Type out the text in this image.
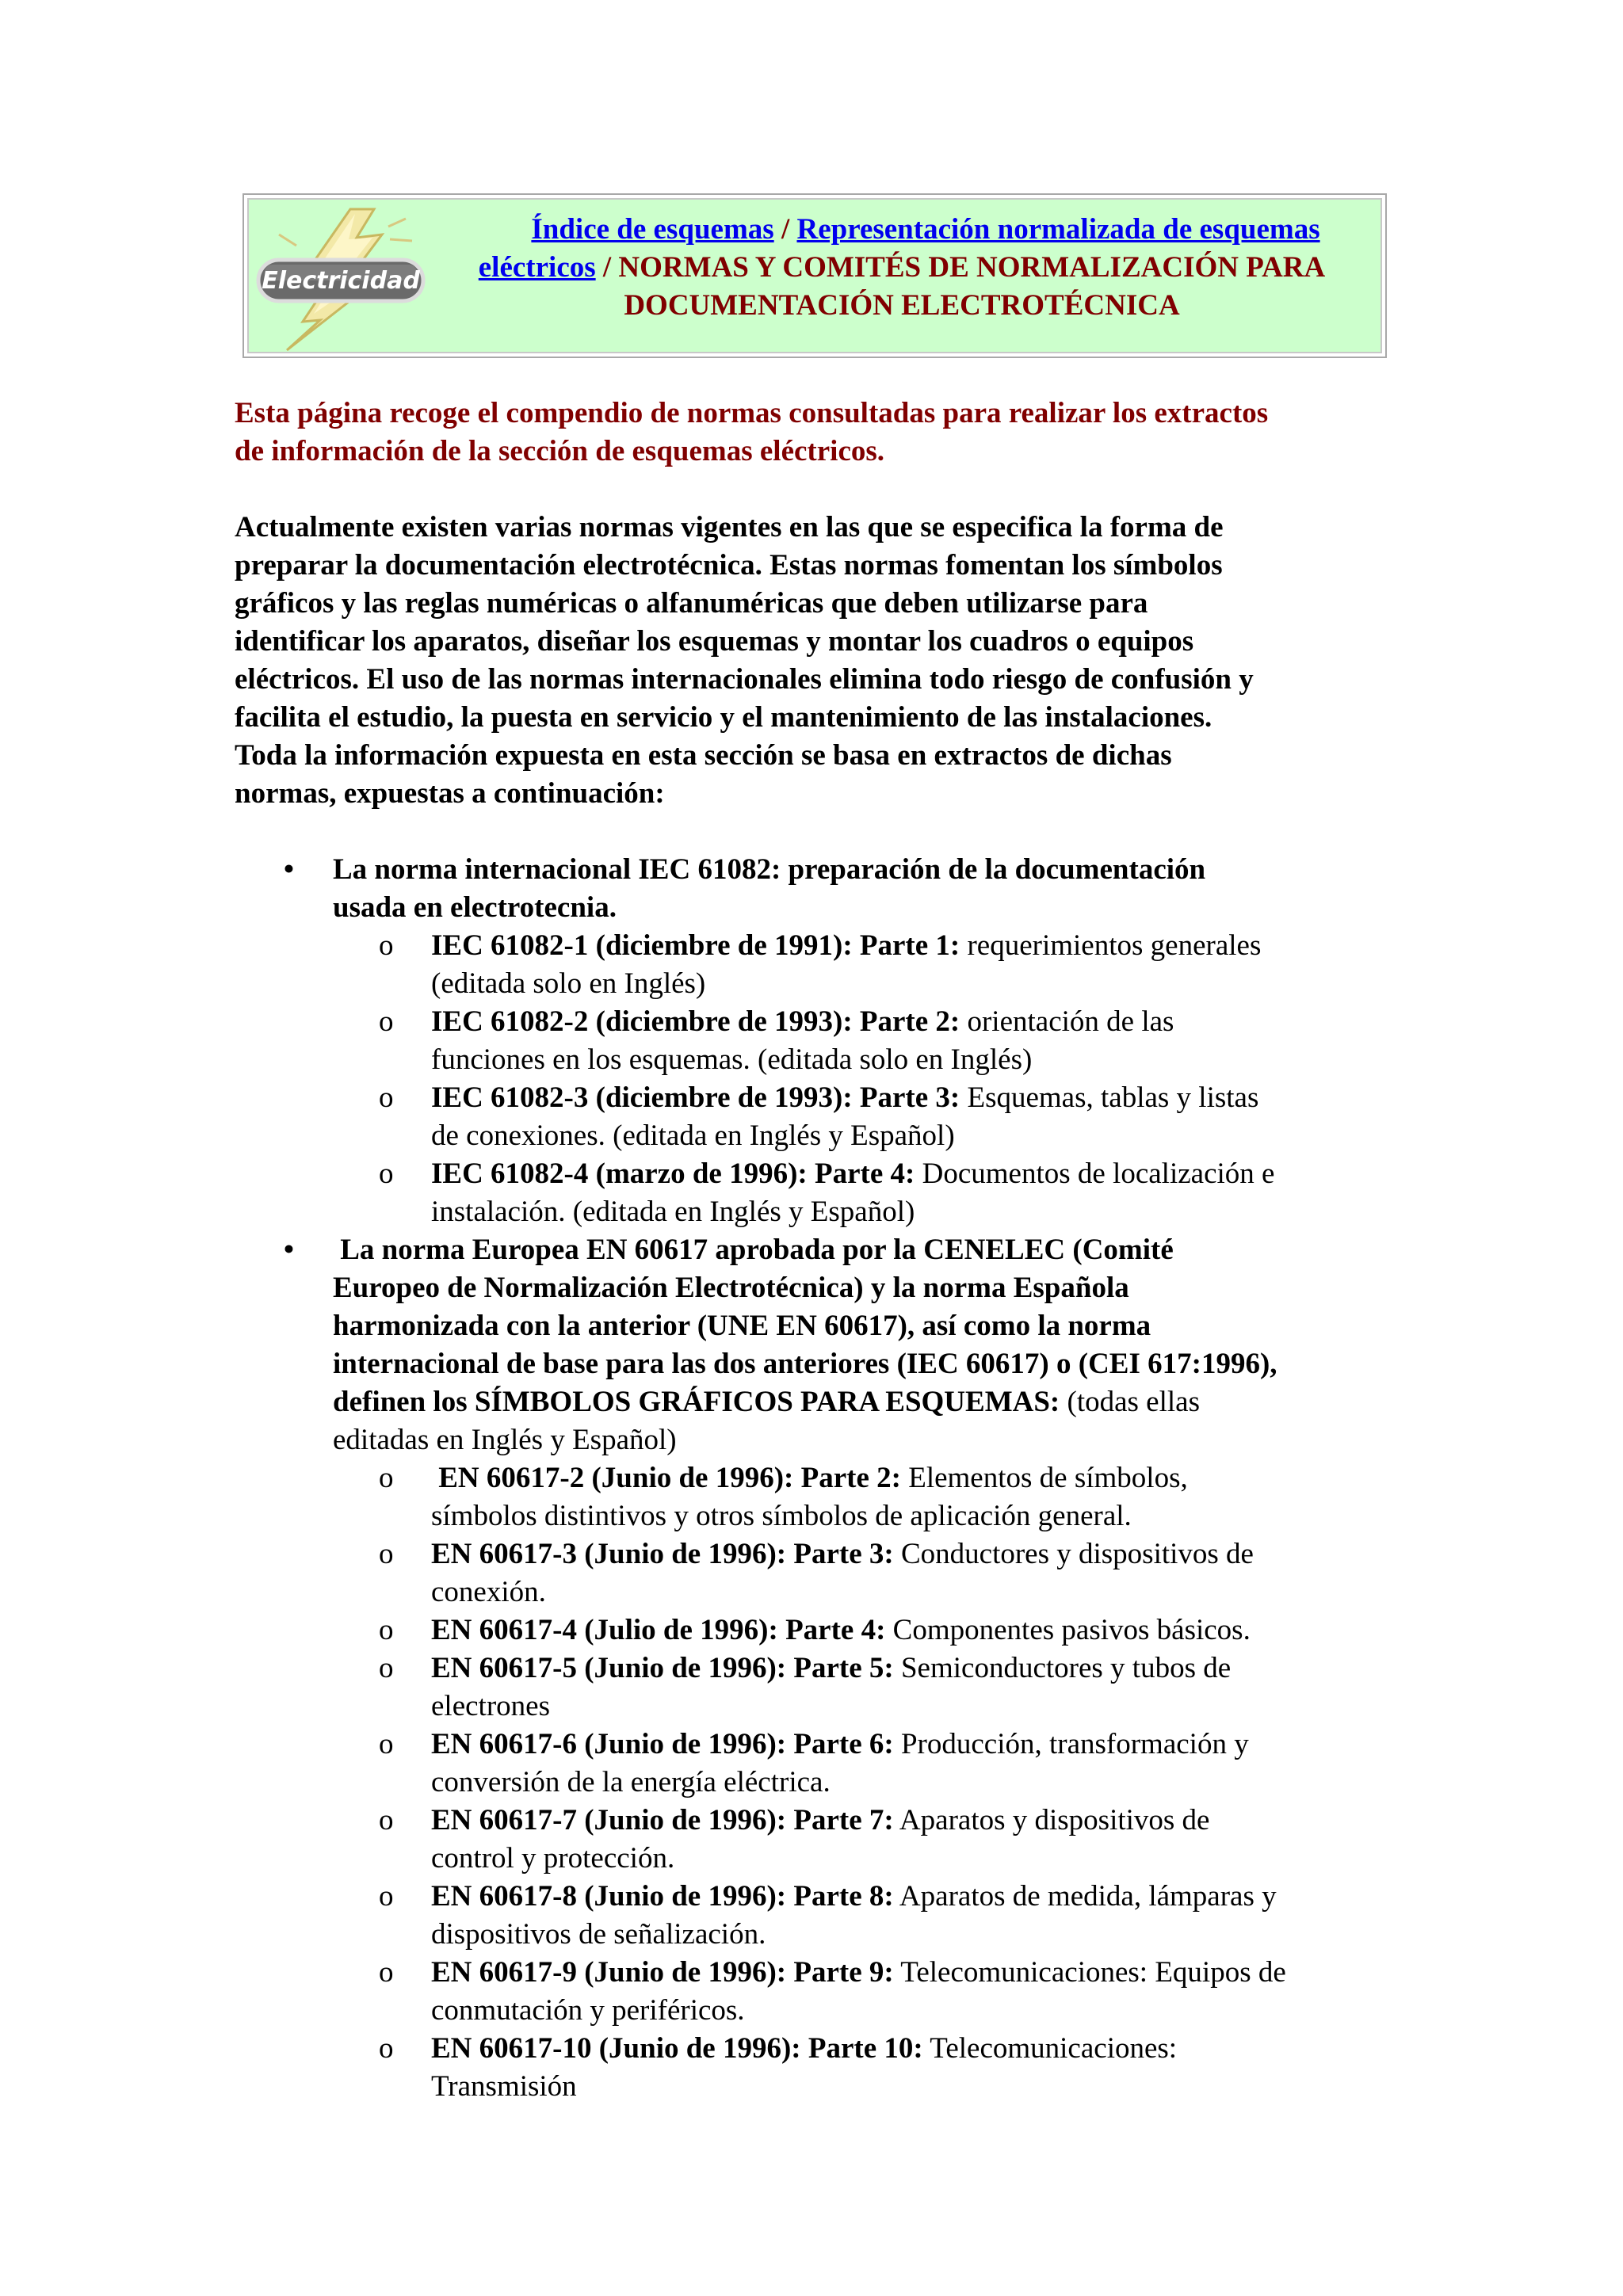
Electricidad
Índice de esquemas / Representación normalizada de esquemas
eléctricos / NORMAS Y COMITÉS DE NORMALIZACIÓN PARA
DOCUMENTACIÓN ELECTROTÉCNICA
Esta página recoge el compendio de normas consultadas para realizar los extractos
de información de la sección de esquemas eléctricos.
Actualmente existen varias normas vigentes en las que se especifica la forma de
preparar la documentación electrotécnica. Estas normas fomentan los símbolos
gráficos y las reglas numéricas o alfanuméricas que deben utilizarse para
identificar los aparatos, diseñar los esquemas y montar los cuadros o equipos
eléctricos. El uso de las normas internacionales elimina todo riesgo de confusión y
facilita el estudio, la puesta en servicio y el mantenimiento de las instalaciones.
Toda la información expuesta en esta sección se basa en extractos de dichas
normas, expuestas a continuación:
• La norma internacional IEC 61082: preparación de la documentación
usada en electrotecnia.
o IEC 61082-1 (diciembre de 1991): Parte 1: requerimientos generales
(editada solo en Inglés)
o IEC 61082-2 (diciembre de 1993): Parte 2: orientación de las
funciones en los esquemas. (editada solo en Inglés)
o IEC 61082-3 (diciembre de 1993): Parte 3: Esquemas, tablas y listas
de conexiones. (editada en Inglés y Español)
o IEC 61082-4 (marzo de 1996): Parte 4: Documentos de localización e
instalación. (editada en Inglés y Español)
• La norma Europea EN 60617 aprobada por la CENELEC (Comité
Europeo de Normalización Electrotécnica) y la norma Española
harmonizada con la anterior (UNE EN 60617), así como la norma
internacional de base para las dos anteriores (IEC 60617) o (CEI 617:1996),
definen los SÍMBOLOS GRÁFICOS PARA ESQUEMAS: (todas ellas
editadas en Inglés y Español)
o EN 60617-2 (Junio de 1996): Parte 2: Elementos de símbolos,
símbolos distintivos y otros símbolos de aplicación general.
o EN 60617-3 (Junio de 1996): Parte 3: Conductores y dispositivos de
conexión.
o EN 60617-4 (Julio de 1996): Parte 4: Componentes pasivos básicos.
o EN 60617-5 (Junio de 1996): Parte 5: Semiconductores y tubos de
electrones
o EN 60617-6 (Junio de 1996): Parte 6: Producción, transformación y
conversión de la energía eléctrica.
o EN 60617-7 (Junio de 1996): Parte 7: Aparatos y dispositivos de
control y protección.
o EN 60617-8 (Junio de 1996): Parte 8: Aparatos de medida, lámparas y
dispositivos de señalización.
o EN 60617-9 (Junio de 1996): Parte 9: Telecomunicaciones: Equipos de
conmutación y periféricos.
o EN 60617-10 (Junio de 1996): Parte 10: Telecomunicaciones:
Transmisión
